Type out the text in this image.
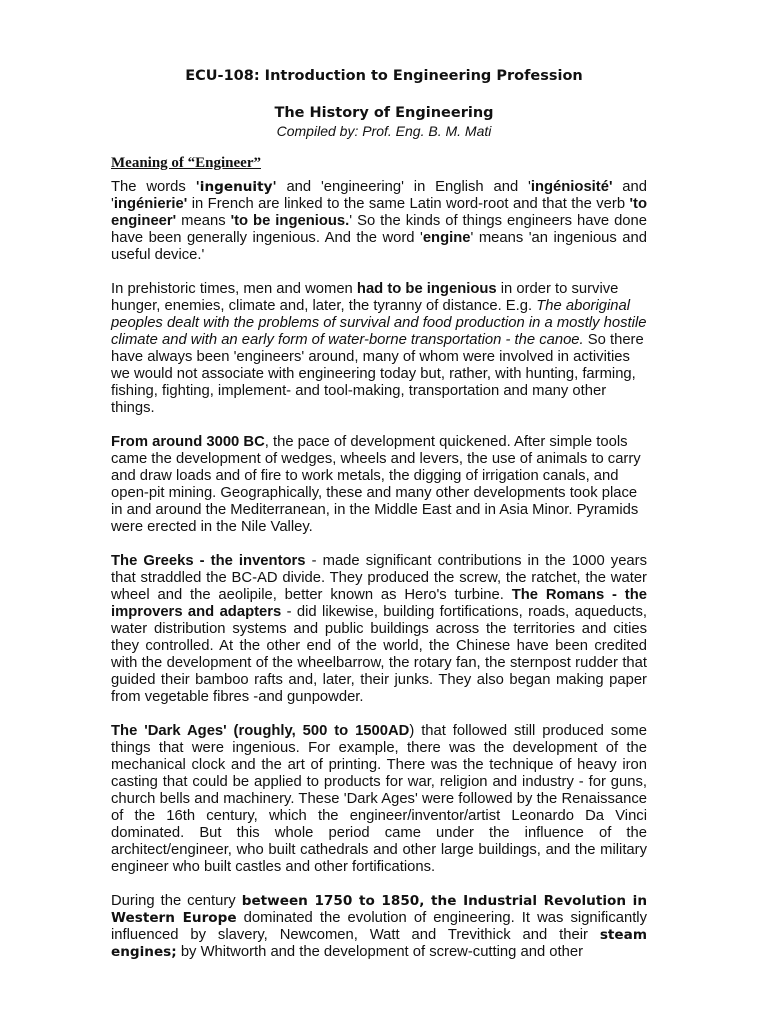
ECU-108: Introduction to Engineering Profession
The History of Engineering

Compiled by: Prof. Eng. B. M. Mati

Meaning of “Engineer”

The words 'ingenuity' and 'engineering' in English and 'ingéniosité' and 'ingénierie' in French are linked to the same Latin word-root and that the verb 'to engineer' means 'to be ingenious.' So the kinds of things engineers have done have been generally ingenious. And the word 'engine' means 'an ingenious and useful device.'

In prehistoric times, men and women had to be ingenious in order to survive hunger, enemies, climate and, later, the tyranny of distance. E.g. The aboriginal peoples dealt with the problems of survival and food production in a mostly hostile climate and with an early form of water-borne transportation - the canoe. So there have always been 'engineers' around, many of whom were involved in activities we would not associate with engineering today but, rather, with hunting, farming, fishing, fighting, implement- and tool-making, transportation and many other things.

From around 3000 BC, the pace of development quickened. After simple tools came the development of wedges, wheels and levers, the use of animals to carry and draw loads and of fire to work metals, the digging of irrigation canals, and open-pit mining. Geographically, these and many other developments took place in and around the Mediterranean, in the Middle East and in Asia Minor. Pyramids were erected in the Nile Valley.

The Greeks - the inventors - made significant contributions in the 1000 years that straddled the BC-AD divide. They produced the screw, the ratchet, the water wheel and the aeolipile, better known as Hero's turbine. The Romans - the improvers and adapters - did likewise, building fortifications, roads, aqueducts, water distribution systems and public buildings across the territories and cities they controlled. At the other end of the world, the Chinese have been credited with the development of the wheelbarrow, the rotary fan, the sternpost rudder that guided their bamboo rafts and, later, their junks. They also began making paper from vegetable fibres -and gunpowder.

The 'Dark Ages' (roughly, 500 to 1500AD) that followed still produced some things that were ingenious. For example, there was the development of the mechanical clock and the art of printing. There was the technique of heavy iron casting that could be applied to products for war, religion and industry - for guns, church bells and machinery. These 'Dark Ages' were followed by the Renaissance of the 16th century, which the engineer/inventor/artist Leonardo Da Vinci dominated. But this whole period came under the influence of the architect/engineer, who built cathedrals and other large buildings, and the military engineer who built castles and other fortifications.

During the century between 1750 to 1850, the Industrial Revolution in Western Europe dominated the evolution of engineering. It was significantly influenced by slavery, Newcomen, Watt and Trevithick and their steam engines; by Whitworth and the development of screw-cutting and other
